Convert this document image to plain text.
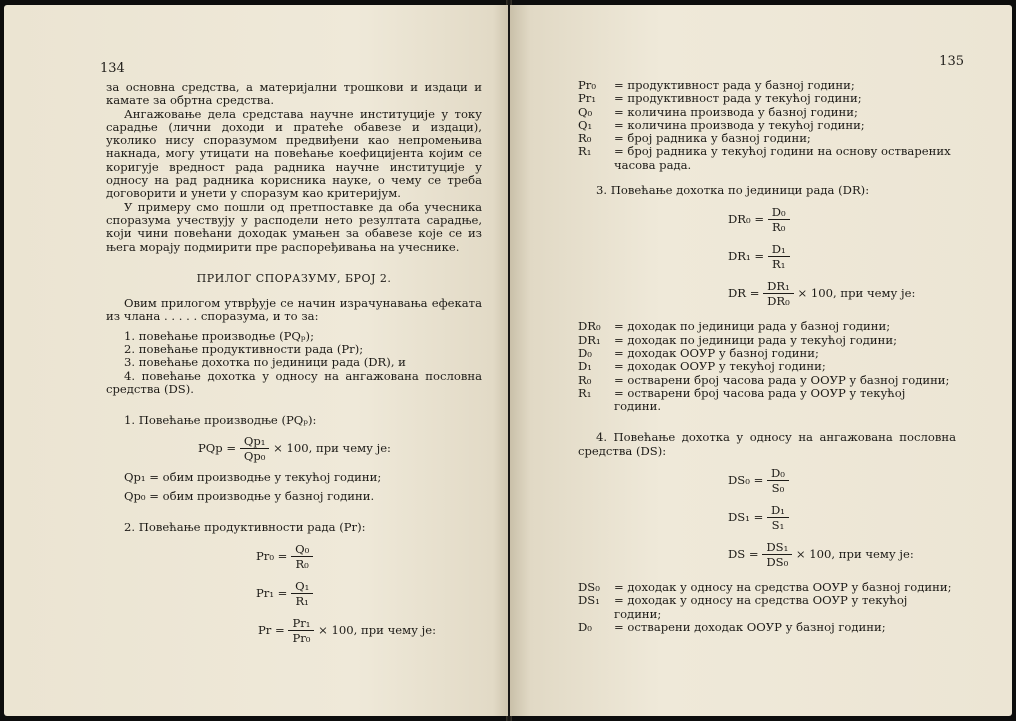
134

за основна средства, а материјални трошкови и издаци и камате за обртна средства.

Ангажовање дела средстава научне институције у току сарадње (лични доходи и пратеће обавезе и издаци), уколико нису споразумом предвиђени као непромењива накнада, могу утицати на повећање коефицијента којим се коригује вредност рада радника научне институције у односу на рад радника корисника науке, о чему се треба договорити и унети у споразум као критеријум.

У примеру смо пошли од претпоставке да оба учесника споразума учествују у расподели нето резултата сарадње, који чини повећани доходак умањен за обавезе које се из њега морају подмирити пре распоређивања на учеснике.

ПРИЛОГ СПОРАЗУМУ, БРОЈ 2.

Овим прилогом утврђује се начин израчунавања ефеката из члана . . . . . споразума, и то за:

1. повећање производње (PQₚ);

2. повећање продуктивности рада (Pr);

3. повећање дохотка по јединици рада (DR), и

4. повећање дохотка у односу на ангажована пословна средства (DS).

1. Повећање производње (PQₚ):

PQp = $\frac{\text{Qp₁}}{\text{Qp₀}} \times 100$, при чему је:

Qp₁ = обим производње у текућој години;

Qp₀ = обим производње у базној години.

2. Повећање продуктивности рада (Pr):

$Pr_0 = \frac{\text{Q₀}}{\text{R₀}}$
$Pr_1 = \frac{\text{Q₁}}{\text{R₁}}$
$Pr = \frac{\text{Pr₁}}{\text{Pr₀}} \times 100$, при чему је:
135
Pr₀	= продуктивност рада у базној години;
Pr₁	= продуктивност рада у текућој години;
Q₀	= количина производа у базној години;
Q₁	= количина производа у текућој години;
R₀	= број радника у базној години;
R₁	= број радника у текућој години на основу остварених часова рада.

3. Повећање дохотка по јединици рада (DR):

$DR_0 = \frac{\text{D₀}}{\text{R₀}}$
$DR_1 = \frac{\text{D₁}}{\text{R₁}}$
DR = $\frac{\text{DR₁}}{\text{DR₀}} \times 100$, при чему је:
DR₀	= доходак по јединици рада у базној години;
DR₁	= доходак по јединици рада у текућој години;
D₀	= доходак ООУР у базној години;
D₁	= доходак ООУР у текућој години;
R₀	= остварени број часова рада у ООУР у базној години;
R₁	= остварени број часова рада у ООУР у текућој години.

4. Повећање дохотка у односу на ангажована пословна средства (DS):

$DS_0 = \frac{\text{D₀}}{\text{S₀}}$
$DS_1 = \frac{\text{D₁}}{\text{S₁}}$
DS = $\frac{\text{DS₁}}{\text{DS₀}} \times 100$, при чему је:
DS₀	= доходак у односу на средства ООУР у базној години;
DS₁	= доходак у односу на средства ООУР у текућој години;
D₀	= остварени доходак ООУР у базној години;
